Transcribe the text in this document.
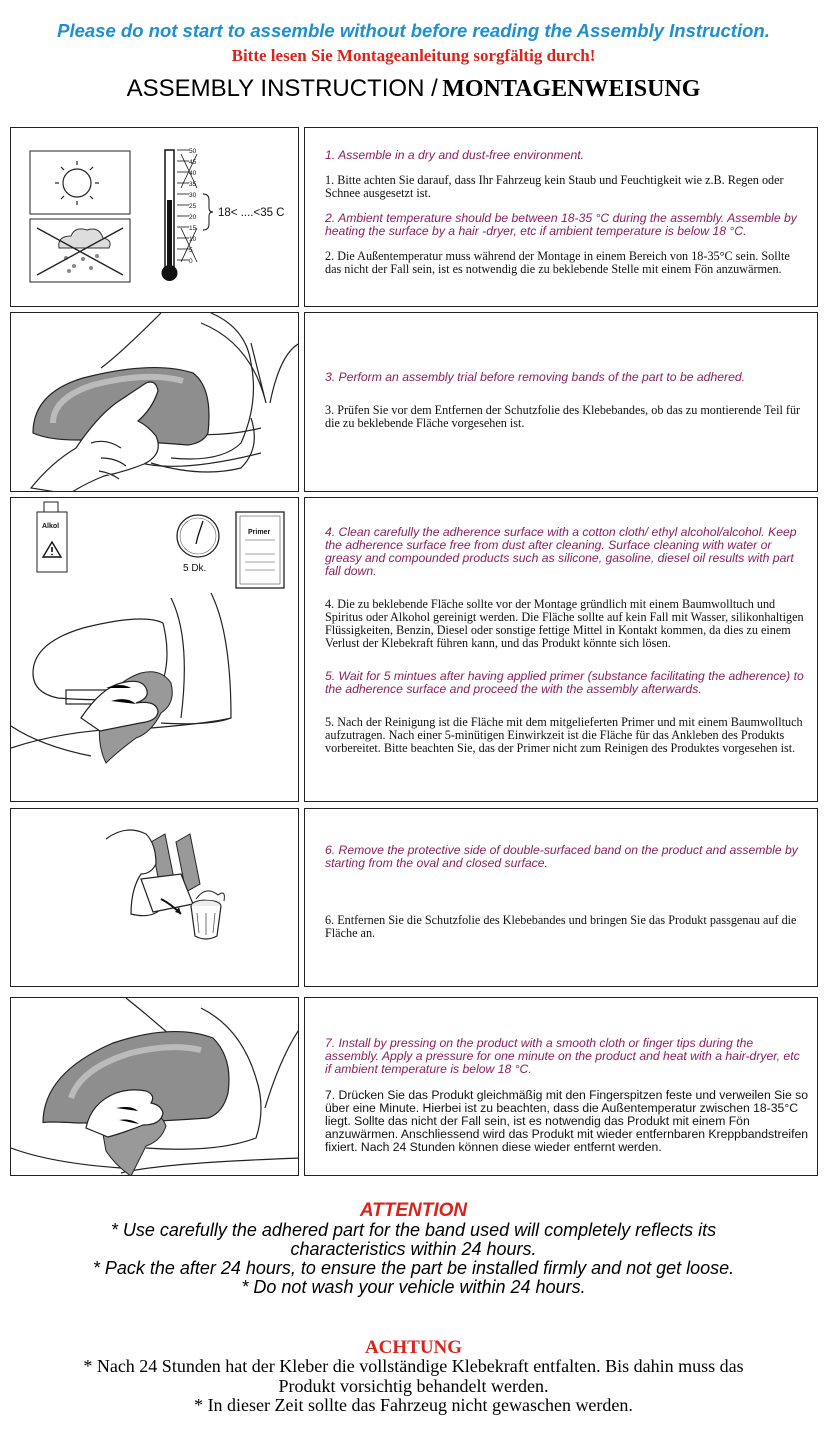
Please do not start to assemble without before reading the Assembly Instruction.
Bitte lesen Sie Montageanleitung sorgfältig durch!
ASSEMBLY INSTRUCTION / MONTAGENWEISUNG
50
45
40
35
30
25
20
15
10
5
0
18< ....<35 C
1. Assemble in a dry and dust-free environment.
1. Bitte achten Sie darauf, dass Ihr Fahrzeug kein Staub und Feuchtigkeit wie z.B. Regen oder Schnee ausgesetzt ist.
2. Ambient temperature should be between 18-35 °C during the assembly. Assemble by heating the surface by a hair -dryer, etc if ambient temperature is below 18 °C.
2. Die Außentemperatur muss während der Montage in einem Bereich von 18-35°C sein. Sollte das nicht der Fall sein, ist es notwendig die zu beklebende Stelle mit einem Fön anzuwärmen.
3. Perform an assembly trial before removing bands of the part to be adhered.
3. Prüfen Sie vor dem Entfernen der Schutzfolie des Klebebandes, ob das zu montierende Teil für die zu beklebende Fläche vorgesehen ist.
Alkol
5 Dk.
Primer	4. Clean carefully the adherence surface with a cotton cloth/ ethyl alcohol/alcohol. Keep the adherence surface free from dust after cleaning. Surface cleaning with water or greasy and compounded products such as silicone, gasoline, diesel oil results with part fall down.
4. Die zu beklebende Fläche sollte vor der Montage gründlich mit einem Baumwolltuch und Spiritus oder Alkohol gereinigt werden. Die Fläche sollte auf kein Fall mit Wasser, silikonhaltigen Flüssigkeiten, Benzin, Diesel oder sonstige fettige Mittel in Kontakt kommen, da dies zu einem Verlust der Klebekraft führen kann, und das Produkt könnte sich lösen.
5. Wait for 5 mintues after having applied primer (substance facilitating the adherence) to the adherence surface and proceed the with the assembly afterwards.
5. Nach der Reinigung ist die Fläche mit dem mitgelieferten Primer und mit einem Baumwolltuch aufzutragen. Nach einer 5-minütigen Einwirkzeit ist die Fläche für das Ankleben des Produkts vorbereitet. Bitte beachten Sie, das der Primer nicht zum Reinigen des Produktes vorgesehen ist.
6. Remove the protective side of double-surfaced band on the product and assemble by starting from the oval and closed surface.
6. Entfernen Sie die Schutzfolie des Klebebandes und bringen Sie das Produkt passgenau auf die Fläche an.
7. Install by pressing on the product with a smooth cloth or finger tips during the assembly. Apply a pressure for one minute on the product and heat with a hair-dryer, etc if ambient temperature is below 18 °C.
7. Drücken Sie das Produkt gleichmäßig mit den Fingerspitzen feste und verweilen Sie so über eine Minute. Hierbei ist zu beachten, dass die Außentemperatur zwischen 18-35°C liegt. Sollte das nicht der Fall sein, ist es notwendig das Produkt mit einem Fön anzuwärmen. Anschliessend wird das Produkt mit wieder entfernbaren Kreppbandstreifen fixiert. Nach 24 Stunden können diese wieder entfernt werden.
ATTENTION
* Use carefully the adhered part for the band used will completely reflects its
characteristics within 24 hours.
* Pack the after 24 hours, to ensure the part be installed firmly and not get loose.
* Do not wash your vehicle within 24 hours.
ACHTUNG
* Nach 24 Stunden hat der Kleber die vollständige Klebekraft entfalten. Bis dahin muss das
Produkt vorsichtig behandelt werden.
* In dieser Zeit sollte das Fahrzeug nicht gewaschen werden.
